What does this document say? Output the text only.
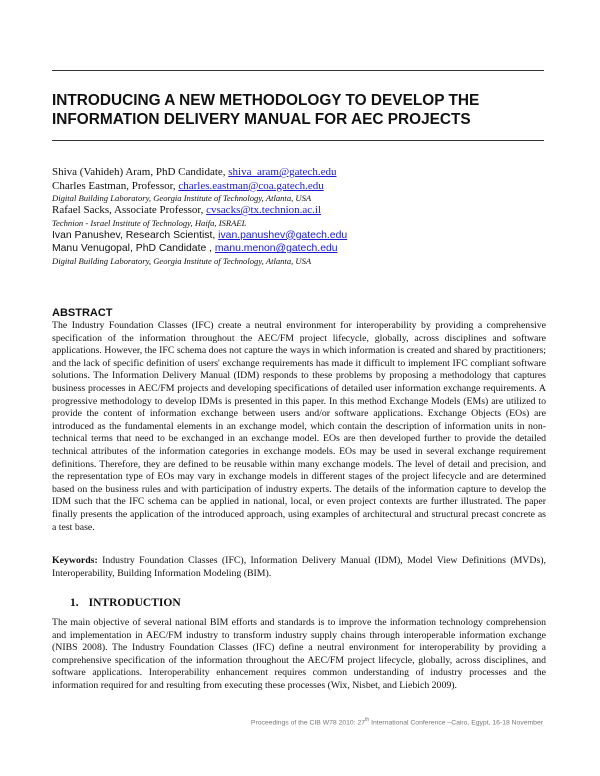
INTRODUCING A NEW METHODOLOGY TO DEVELOP THE INFORMATION DELIVERY MANUAL FOR AEC PROJECTS
Shiva (Vahideh) Aram, PhD Candidate, shiva_aram@gatech.edu
Charles Eastman, Professor, charles.eastman@coa.gatech.edu
Digital Building Laboratory, Georgia Institute of Technology, Atlanta, USA
Rafael Sacks, Associate Professor, cvsacks@tx.technion.ac.il
Technion - Israel Institute of Technology, Haifa, ISRAEL
Ivan Panushev, Research Scientist, ivan.panushev@gatech.edu
Manu Venugopal, PhD Candidate , manu.menon@gatech.edu
Digital Building Laboratory, Georgia Institute of Technology, Atlanta, USA
ABSTRACT

The Industry Foundation Classes (IFC) create a neutral environment for interoperability by providing a comprehensive specification of the information throughout the AEC/FM project lifecycle, globally, across disciplines and software applications. However, the IFC schema does not capture the ways in which information is created and shared by practitioners; and the lack of specific definition of users' exchange requirements has made it difficult to implement IFC compliant software solutions. The Information Delivery Manual (IDM) responds to these problems by proposing a methodology that captures business processes in AEC/FM projects and developing specifications of detailed user information exchange requirements. A progressive methodology to develop IDMs is presented in this paper. In this method Exchange Models (EMs) are utilized to provide the content of information exchange between users and/or software applications. Exchange Objects (EOs) are introduced as the fundamental elements in an exchange model, which contain the description of information units in non-technical terms that need to be exchanged in an exchange model. EOs are then developed further to provide the detailed technical attributes of the information categories in exchange models. EOs may be used in several exchange requirement definitions. Therefore, they are defined to be reusable within many exchange models. The level of detail and precision, and the representation type of EOs may vary in exchange models in different stages of the project lifecycle and are determined based on the business rules and with participation of industry experts. The details of the information capture to develop the IDM such that the IFC schema can be applied in national, local, or even project contexts are further illustrated. The paper finally presents the application of the introduced approach, using examples of architectural and structural precast concrete as a test base.

Keywords: Industry Foundation Classes (IFC), Information Delivery Manual (IDM), Model View Definitions (MVDs), Interoperability, Building Information Modeling (BIM).

1. INTRODUCTION

The main objective of several national BIM efforts and standards is to improve the information technology comprehension and implementation in AEC/FM industry to transform industry supply chains through interoperable information exchange (NIBS 2008). The Industry Foundation Classes (IFC) define a neutral environment for interoperability by providing a comprehensive specification of the information throughout the AEC/FM project lifecycle, globally, across disciplines, and software applications. Interoperability enhancement requires common understanding of industry processes and the information required for and resulting from executing these processes (Wix, Nisbet, and Liebich 2009).

Proceedings of the CIB W78 2010: 27th International Conference –Cairo, Egypt, 16-18 November
